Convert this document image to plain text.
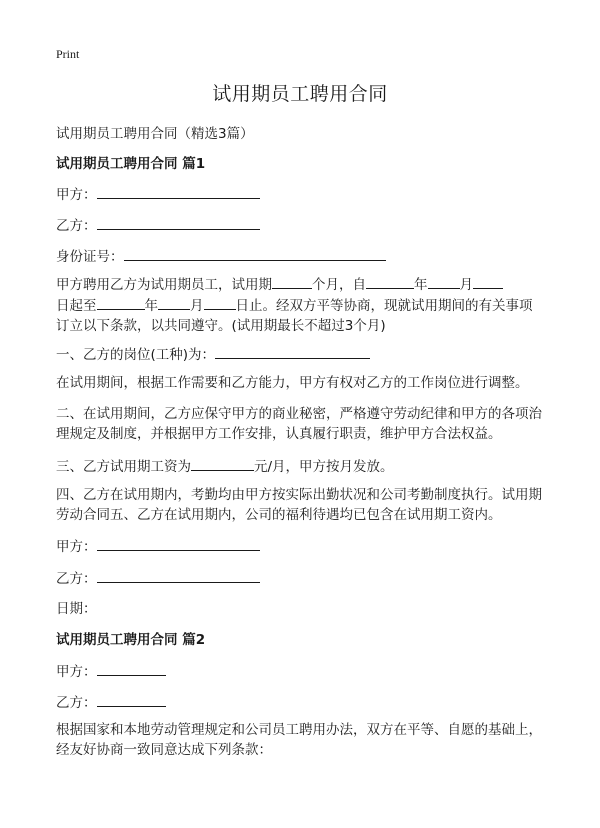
Print
试用期员工聘用合同
试用期员工聘用合同（精选3篇）
试用期员工聘用合同 篇1
甲方：
乙方：
身份证号：
甲方聘用乙方为试用期员工，试用期	个月，自	年 月
日起至	年 月 日止。经双方平等协商，现就试用期间的有关事项
订立以下条款，以共同遵守。(试用期最长不超过3个月)
一、乙方的岗位(工种)为：
在试用期间，根据工作需要和乙方能力，甲方有权对乙方的工作岗位进行调整。
二、在试用期间，乙方应保守甲方的商业秘密，严格遵守劳动纪律和甲方的各项治理规定及制度，并根据甲方工作安排，认真履行职责，维护甲方合法权益。
三、乙方试用期工资为	元/月，甲方按月发放。
四、乙方在试用期内，考勤均由甲方按实际出勤状况和公司考勤制度执行。试用期劳动合同五、乙方在试用期内，公司的福利待遇均已包含在试用期工资内。
甲方：
乙方：
日期：
试用期员工聘用合同 篇2
甲方：
乙方：
根据国家和本地劳动管理规定和公司员工聘用办法，双方在平等、自愿的基础上，经友好协商一致同意达成下列条款：
